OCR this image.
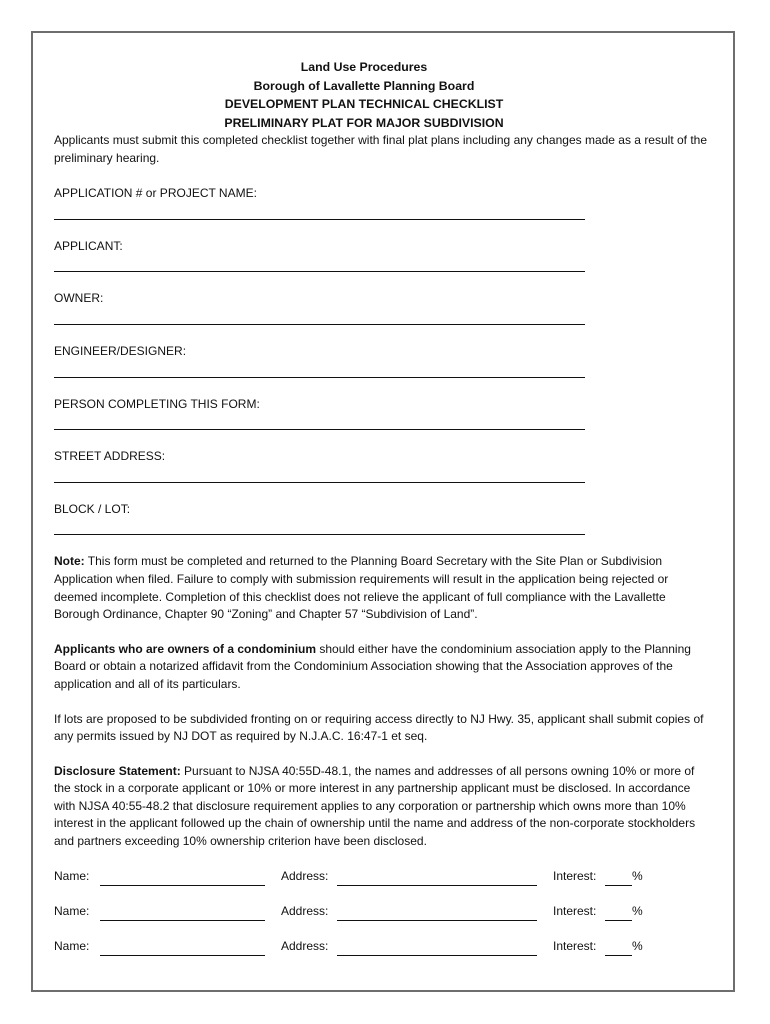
Land Use Procedures
Borough of Lavallette Planning Board
DEVELOPMENT PLAN TECHNICAL CHECKLIST
PRELIMINARY PLAT FOR MAJOR SUBDIVISION
Applicants must submit this completed checklist together with final plat plans including any changes made as a result of the preliminary hearing.
APPLICATION # or PROJECT NAME:
APPLICANT:
OWNER:
ENGINEER/DESIGNER:
PERSON COMPLETING THIS FORM:
STREET ADDRESS:
BLOCK / LOT:
Note: This form must be completed and returned to the Planning Board Secretary with the Site Plan or Subdivision Application when filed. Failure to comply with submission requirements will result in the application being rejected or deemed incomplete. Completion of this checklist does not relieve the applicant of full compliance with the Lavallette Borough Ordinance, Chapter 90 “Zoning” and Chapter 57 “Subdivision of Land”.
Applicants who are owners of a condominium should either have the condominium association apply to the Planning Board or obtain a notarized affidavit from the Condominium Association showing that the Association approves of the application and all of its particulars.
If lots are proposed to be subdivided fronting on or requiring access directly to NJ Hwy. 35, applicant shall submit copies of any permits issued by NJ DOT as required by N.J.A.C. 16:47-1 et seq.
Disclosure Statement: Pursuant to NJSA 40:55D-48.1, the names and addresses of all persons owning 10% or more of the stock in a corporate applicant or 10% or more interest in any partnership applicant must be disclosed. In accordance with NJSA 40:55-48.2 that disclosure requirement applies to any corporation or partnership which owns more than 10% interest in the applicant followed up the chain of ownership until the name and address of the non-corporate stockholders and partners exceeding 10% ownership criterion have been disclosed.
Name:	Address:	Interest:	%
Name:	Address:	Interest:	%
Name:	Address:	Interest:	%
